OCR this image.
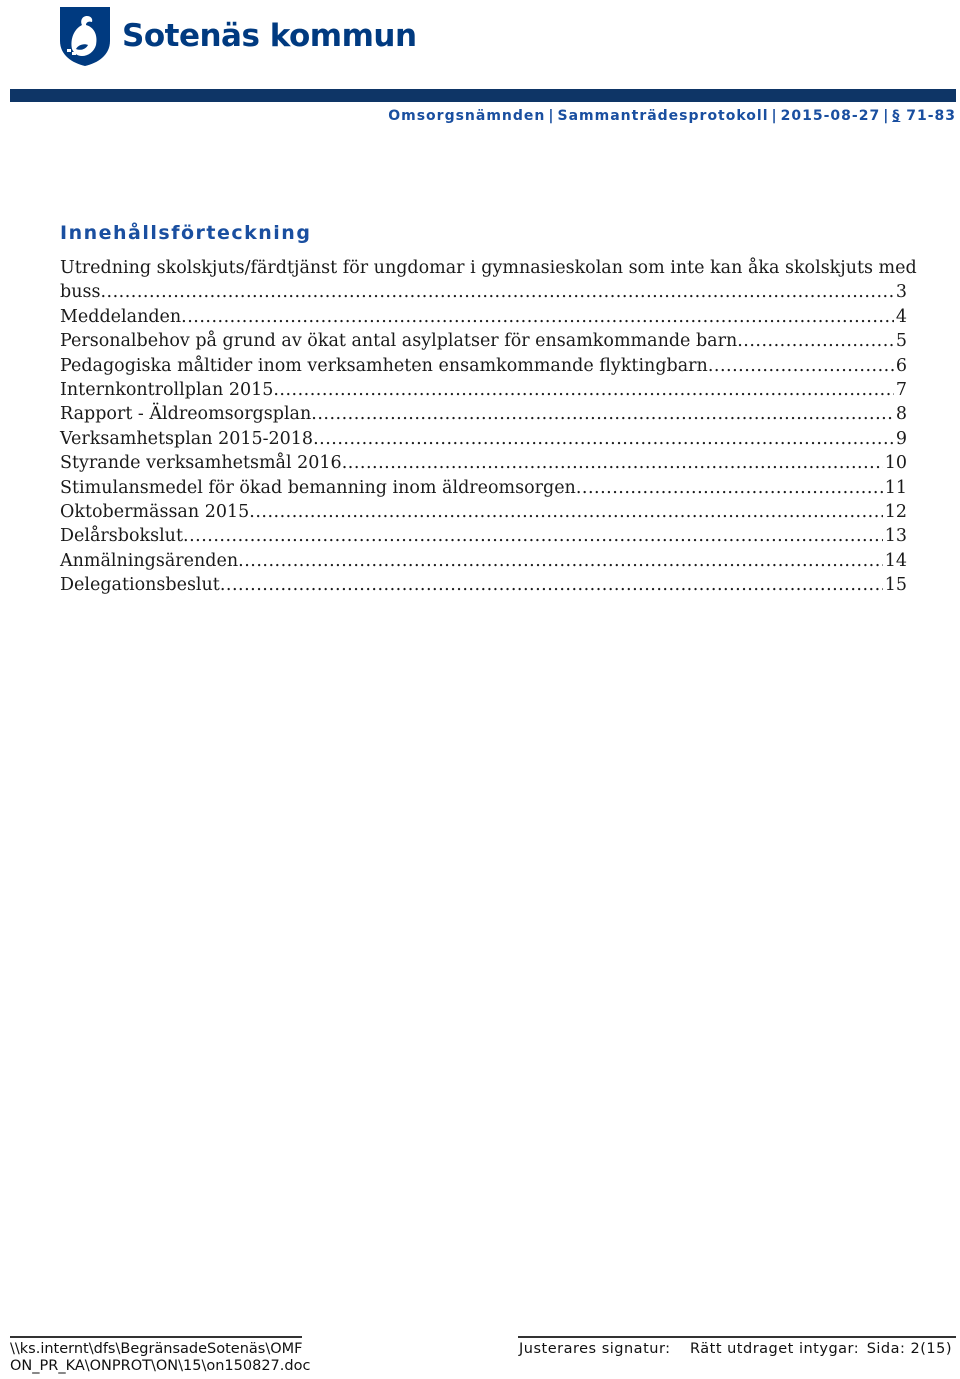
Sotenäs kommun
Omsorgsnämnden | Sammanträdesprotokoll | 2015-08-27 | § 71-83
Innehållsförteckning
Utredning skolskjuts/färdtjänst för ungdomar i gymnasieskolan som inte kan åka skolskjuts med
buss .....	3
Meddelanden .....	4
Personalbehov på grund av ökat antal asylplatser för ensamkommande barn .....	5
Pedagogiska måltider inom verksamheten ensamkommande flyktingbarn .....	6
Internkontrollplan 2015 .....	7
Rapport - Äldreomsorgsplan .....	8
Verksamhetsplan 2015-2018 .....	9
Styrande verksamhetsmål 2016 .....	10
Stimulansmedel för ökad bemanning inom äldreomsorgen .....	11
Oktobermässan 2015 .....	12
Delårsbokslut .....	13
Anmälningsärenden .....	14
Delegationsbeslut .....	15
\\ks.internt\dfs\BegränsadeSotenäs\OMF
ON_PR_KA\ONPROT\ON\15\on150827.doc
Justerares signatur: Rätt utdraget intygar: Sida: 2(15)
